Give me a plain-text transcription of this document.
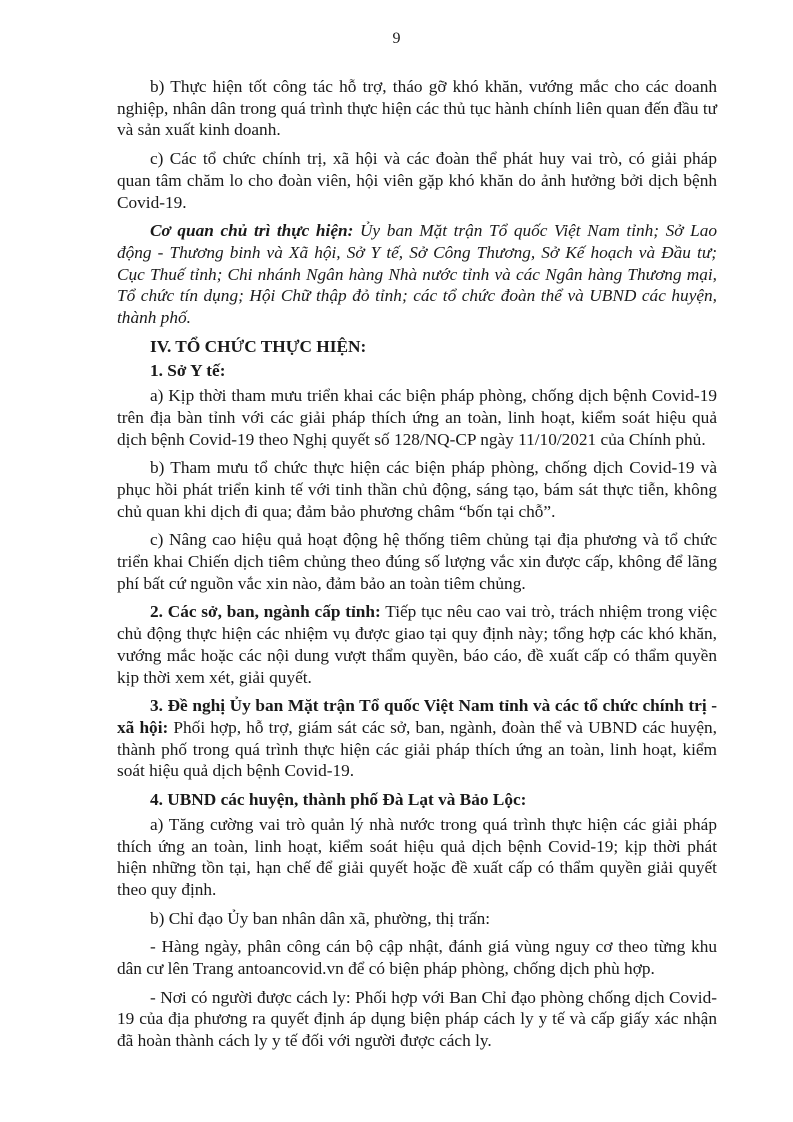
9

b) Thực hiện tốt công tác hỗ trợ, tháo gỡ khó khăn, vướng mắc cho các doanh nghiệp, nhân dân trong quá trình thực hiện các thủ tục hành chính liên quan đến đầu tư và sản xuất kinh doanh.

c) Các tổ chức chính trị, xã hội và các đoàn thể phát huy vai trò, có giải pháp quan tâm chăm lo cho đoàn viên, hội viên gặp khó khăn do ảnh hưởng bởi dịch bệnh Covid-19.

Cơ quan chủ trì thực hiện: Ủy ban Mặt trận Tổ quốc Việt Nam tỉnh; Sở Lao động - Thương binh và Xã hội, Sở Y tế, Sở Công Thương, Sở Kế hoạch và Đầu tư; Cục Thuế tỉnh; Chi nhánh Ngân hàng Nhà nước tỉnh và các Ngân hàng Thương mại, Tổ chức tín dụng; Hội Chữ thập đỏ tỉnh; các tổ chức đoàn thể và UBND các huyện, thành phố.

IV. TỔ CHỨC THỰC HIỆN:

1. Sở Y tế:

a) Kịp thời tham mưu triển khai các biện pháp phòng, chống dịch bệnh Covid-19 trên địa bàn tỉnh với các giải pháp thích ứng an toàn, linh hoạt, kiểm soát hiệu quả dịch bệnh Covid-19 theo Nghị quyết số 128/NQ-CP ngày 11/10/2021 của Chính phủ.

b) Tham mưu tổ chức thực hiện các biện pháp phòng, chống dịch Covid-19 và phục hồi phát triển kinh tế với tinh thần chủ động, sáng tạo, bám sát thực tiễn, không chủ quan khi dịch đi qua; đảm bảo phương châm “bốn tại chỗ”.

c) Nâng cao hiệu quả hoạt động hệ thống tiêm chủng tại địa phương và tổ chức triển khai Chiến dịch tiêm chủng theo đúng số lượng vắc xin được cấp, không để lãng phí bất cứ nguồn vắc xin nào, đảm bảo an toàn tiêm chủng.

2. Các sở, ban, ngành cấp tỉnh: Tiếp tục nêu cao vai trò, trách nhiệm trong việc chủ động thực hiện các nhiệm vụ được giao tại quy định này; tổng hợp các khó khăn, vướng mắc hoặc các nội dung vượt thẩm quyền, báo cáo, đề xuất cấp có thẩm quyền kịp thời xem xét, giải quyết.

3. Đề nghị Ủy ban Mặt trận Tổ quốc Việt Nam tỉnh và các tổ chức chính trị - xã hội: Phối hợp, hỗ trợ, giám sát các sở, ban, ngành, đoàn thể và UBND các huyện, thành phố trong quá trình thực hiện các giải pháp thích ứng an toàn, linh hoạt, kiểm soát hiệu quả dịch bệnh Covid-19.

4. UBND các huyện, thành phố Đà Lạt và Bảo Lộc:

a) Tăng cường vai trò quản lý nhà nước trong quá trình thực hiện các giải pháp thích ứng an toàn, linh hoạt, kiểm soát hiệu quả dịch bệnh Covid-19; kịp thời phát hiện những tồn tại, hạn chế để giải quyết hoặc đề xuất cấp có thẩm quyền giải quyết theo quy định.

b) Chỉ đạo Ủy ban nhân dân xã, phường, thị trấn:

- Hàng ngày, phân công cán bộ cập nhật, đánh giá vùng nguy cơ theo từng khu dân cư lên Trang antoancovid.vn để có biện pháp phòng, chống dịch phù hợp.

- Nơi có người được cách ly: Phối hợp với Ban Chỉ đạo phòng chống dịch Covid-19 của địa phương ra quyết định áp dụng biện pháp cách ly y tế và cấp giấy xác nhận đã hoàn thành cách ly y tế đối với người được cách ly.
